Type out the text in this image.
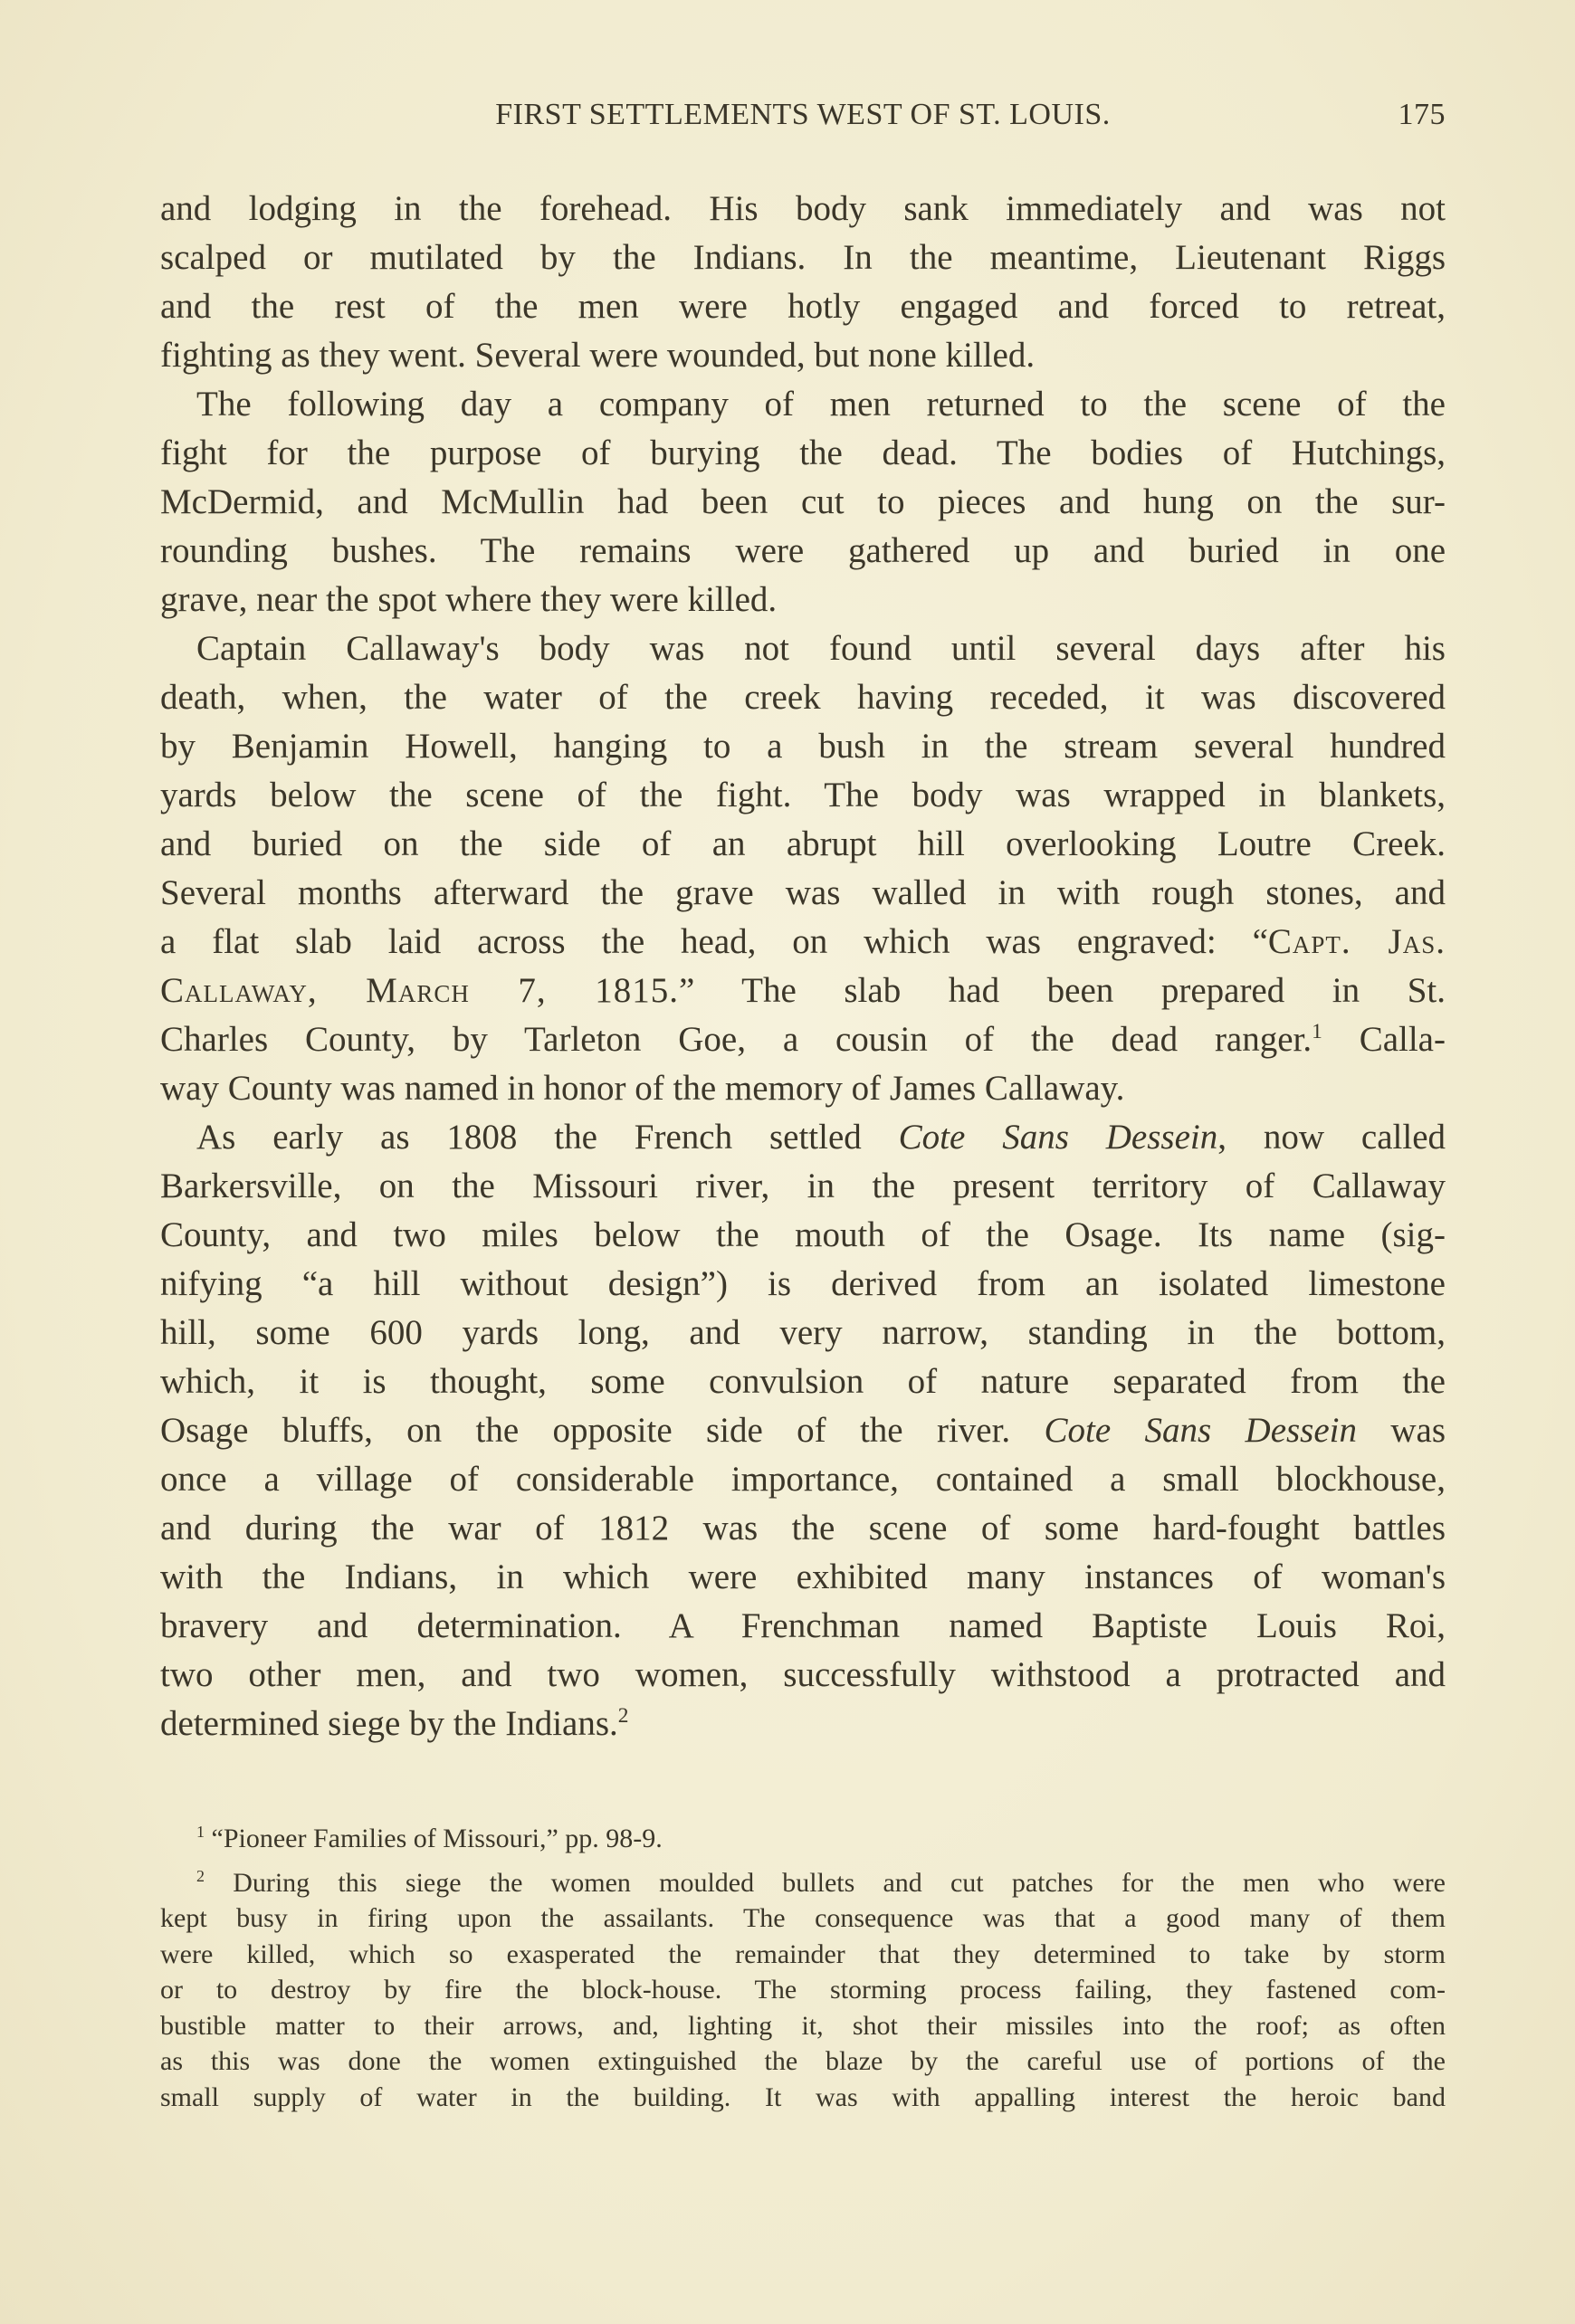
FIRST SETTLEMENTS WEST OF ST. LOUIS.	175
and lodging in the forehead. His body sank immediately and was not
scalped or mutilated by the Indians. In the meantime, Lieutenant Riggs
and the rest of the men were hotly engaged and forced to retreat,
fighting as they went. Several were wounded, but none killed.
The following day a company of men returned to the scene of the
fight for the purpose of burying the dead. The bodies of Hutchings,
McDermid, and McMullin had been cut to pieces and hung on the sur-
rounding bushes. The remains were gathered up and buried in one
grave, near the spot where they were killed.
Captain Callaway's body was not found until several days after his
death, when, the water of the creek having receded, it was discovered
by Benjamin Howell, hanging to a bush in the stream several hundred
yards below the scene of the fight. The body was wrapped in blankets,
and buried on the side of an abrupt hill overlooking Loutre Creek.
Several months afterward the grave was walled in with rough stones, and
a flat slab laid across the head, on which was engraved: “Capt. Jas.
Callaway, March 7, 1815.” The slab had been prepared in St.
Charles County, by Tarleton Goe, a cousin of the dead ranger.$^1$ Calla-
way County was named in honor of the memory of James Callaway.
As early as 1808 the French settled Cote Sans Dessein, now called
Barkersville, on the Missouri river, in the present territory of Callaway
County, and two miles below the mouth of the Osage. Its name (sig-
nifying “a hill without design”) is derived from an isolated limestone
hill, some 600 yards long, and very narrow, standing in the bottom,
which, it is thought, some convulsion of nature separated from the
Osage bluffs, on the opposite side of the river. Cote Sans Dessein was
once a village of considerable importance, contained a small blockhouse,
and during the war of 1812 was the scene of some hard-fought battles
with the Indians, in which were exhibited many instances of woman's
bravery and determination. A Frenchman named Baptiste Louis Roi,
two other men, and two women, successfully withstood a protracted and
determined siege by the Indians.$^2$
$^1$ “Pioneer Families of Missouri,” pp. 98-9.
$^2$ During this siege the women moulded bullets and cut patches for the men who were
kept busy in firing upon the assailants. The consequence was that a good many of them
were killed, which so exasperated the remainder that they determined to take by storm
or to destroy by fire the block-house. The storming process failing, they fastened com-
bustible matter to their arrows, and, lighting it, shot their missiles into the roof; as often
as this was done the women extinguished the blaze by the careful use of portions of the
small supply of water in the building. It was with appalling interest the heroic band
